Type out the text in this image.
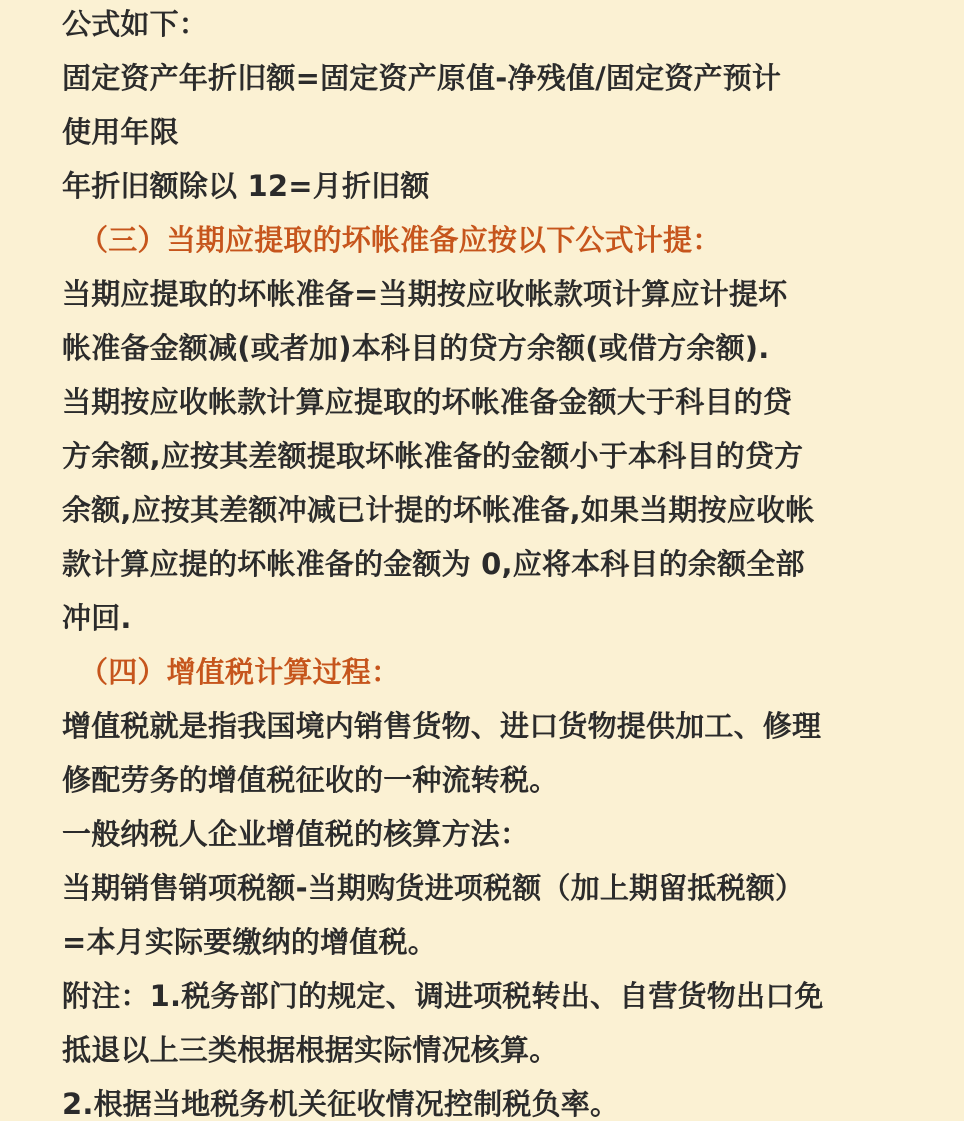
公式如下：
固定资产年折旧额=固定资产原值-净残值/固定资产预计
使用年限
年折旧额除以 12=月折旧额
（三）当期应提取的坏帐准备应按以下公式计提：
当期应提取的坏帐准备=当期按应收帐款项计算应计提坏
帐准备金额减(或者加)本科目的贷方余额(或借方余额).
当期按应收帐款计算应提取的坏帐准备金额大于科目的贷
方余额,应按其差额提取坏帐准备的金额小于本科目的贷方
余额,应按其差额冲减已计提的坏帐准备,如果当期按应收帐
款计算应提的坏帐准备的金额为 0,应将本科目的余额全部
冲回.
（四）增值税计算过程：
增值税就是指我国境内销售货物、进口货物提供加工、修理
修配劳务的增值税征收的一种流转税。
一般纳税人企业增值税的核算方法：
当期销售销项税额-当期购货进项税额（加上期留抵税额）
=本月实际要缴纳的增值税。
附注：1.税务部门的规定、调进项税转出、自营货物出口免
抵退以上三类根据根据实际情况核算。
2.根据当地税务机关征收情况控制税负率。
